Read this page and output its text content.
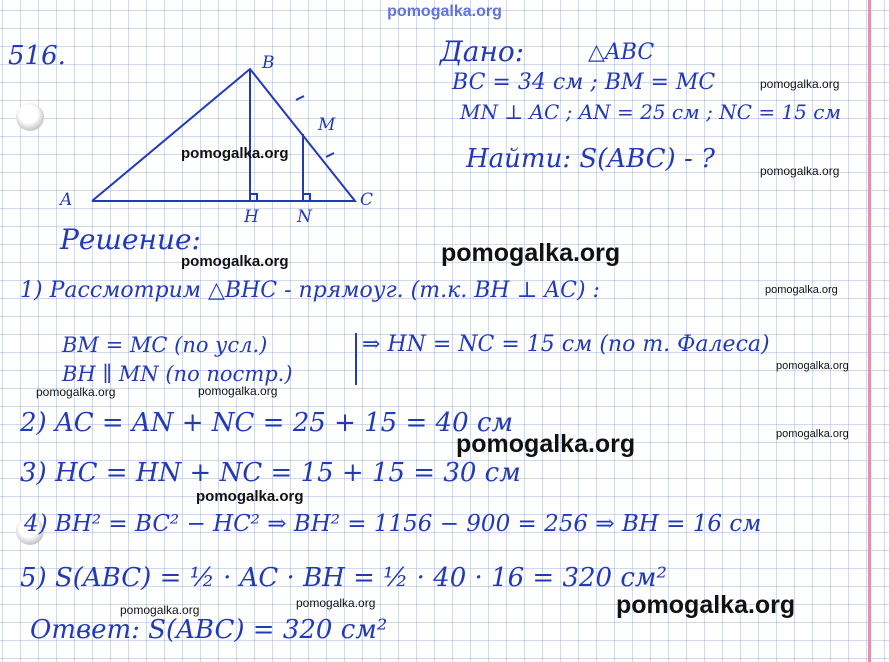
pomogalka.org
B
A	C
H N
M
516.	Дано:	△ABC
BC = 34 см ; BM = MC
MN ⊥ AC ; AN = 25 см ; NC = 15 см
Найти: S(ABC) - ?
Решение:
1) Рассмотрим △BHC - прямоуг. (т.к. BH ⊥ AC) :
BM = MC (по усл.)
BH ∥ MN (по постр.)
⇒ HN = NC = 15 см (по т. Фалеса)
2) AC = AN + NC = 25 + 15 = 40 см
3) HC = HN + NC = 15 + 15 = 30 см
4) BH² = BC² − HC² ⇒ BH² = 1156 − 900 = 256 ⇒ BH = 16 см
5) S(ABC) = ½ · AC · BH = ½ · 40 · 16 = 320 см²
Ответ: S(ABC) = 320 см²
pomogalka.org
pomogalka.org
pomogalka.org
pomogalka.org	pomogalka.org
pomogalka.org
pomogalka.org
pomogalka.org	pomogalka.org
pomogalka.org
pomogalka.org
pomogalka.org
pomogalka.org	pomogalka.org	pomogalka.org
